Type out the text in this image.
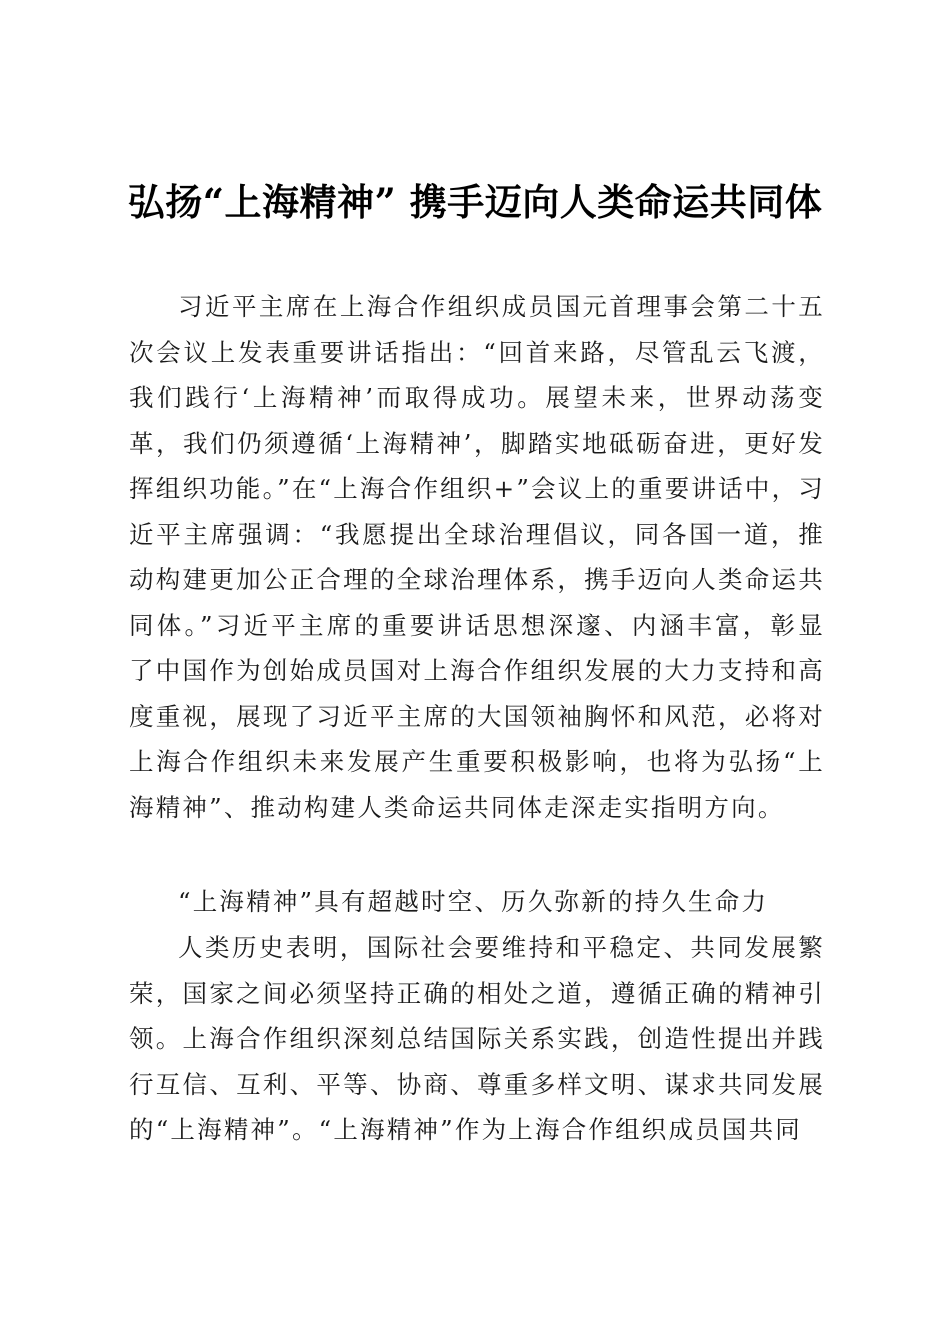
弘扬“上海精神” 携手迈向人类命运共同体

习近平主席在上海合作组织成员国元首理事会第二十五次会议上发表重要讲话指出：“回首来路，尽管乱云飞渡，我们践行‘上海精神’而取得成功。展望未来，世界动荡变革，我们仍须遵循‘上海精神’，脚踏实地砥砺奋进，更好发挥组织功能。”在“上海合作组织+”会议上的重要讲话中，习近平主席强调：“我愿提出全球治理倡议，同各国一道，推动构建更加公正合理的全球治理体系，携手迈向人类命运共同体。”习近平主席的重要讲话思想深邃、内涵丰富，彰显了中国作为创始成员国对上海合作组织发展的大力支持和高度重视，展现了习近平主席的大国领袖胸怀和风范，必将对上海合作组织未来发展产生重要积极影响，也将为弘扬“上海精神”、推动构建人类命运共同体走深走实指明方向。

“上海精神”具有超越时空、历久弥新的持久生命力

人类历史表明，国际社会要维持和平稳定、共同发展繁荣，国家之间必须坚持正确的相处之道，遵循正确的精神引领。上海合作组织深刻总结国际关系实践，创造性提出并践行互信、互利、平等、协商、尊重多样文明、谋求共同发展的“上海精神”。“上海精神”作为上海合作组织成员国共同
